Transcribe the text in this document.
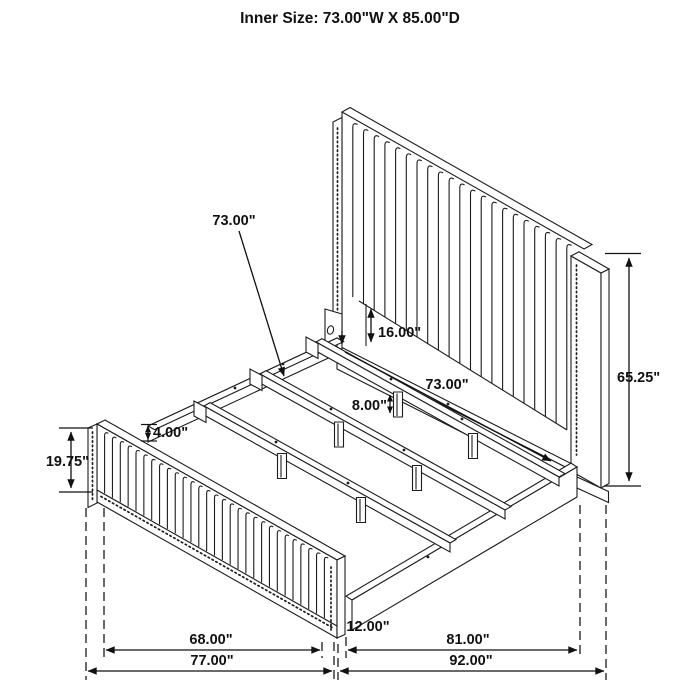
Inner Size: 73.00"W X 85.00"D
73.00"
16.00"
73.00"
8.00"
4.00"
19.75"
65.25"
68.00"
77.00"
12.00"
81.00"
92.00"
